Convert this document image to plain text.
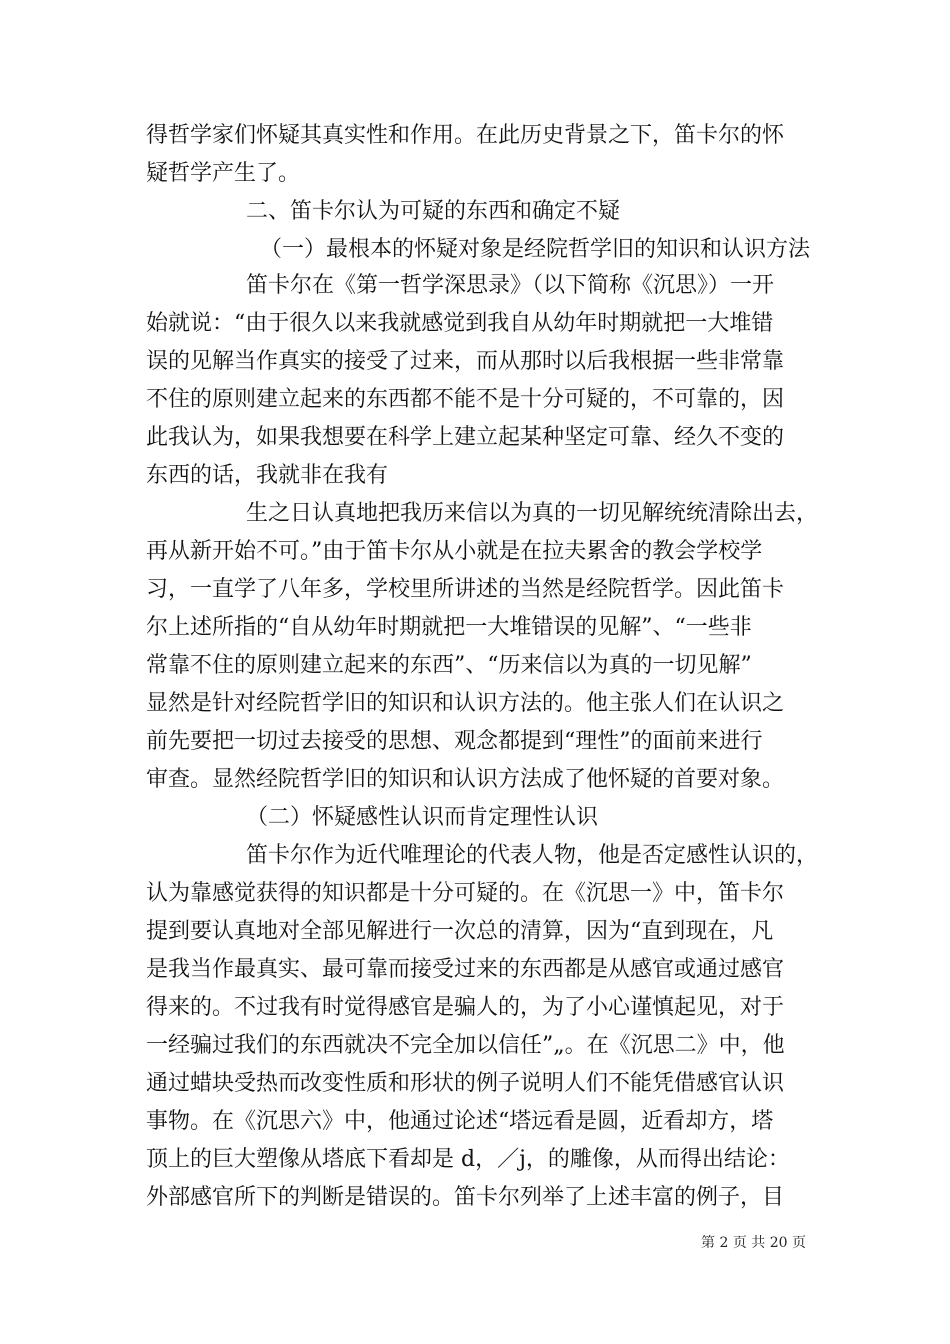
得哲学家们怀疑其真实性和作用。在此历史背景之下，笛卡尔的怀
疑哲学产生了。
二、笛卡尔认为可疑的东西和确定不疑
（一）最根本的怀疑对象是经院哲学旧的知识和认识方法
笛卡尔在《第一哲学深思录》（以下简称《沉思》）一开
始就说：“由于很久以来我就感觉到我自从幼年时期就把一大堆错
误的见解当作真实的接受了过来，而从那时以后我根据一些非常靠
不住的原则建立起来的东西都不能不是十分可疑的，不可靠的，因
此我认为，如果我想要在科学上建立起某种坚定可靠、经久不变的
东西的话，我就非在我有
生之日认真地把我历来信以为真的一切见解统统清除出去，
再从新开始不可。”由于笛卡尔从小就是在拉夫累舍的教会学校学
习，一直学了八年多，学校里所讲述的当然是经院哲学。因此笛卡
尔上述所指的“自从幼年时期就把一大堆错误的见解”、“一些非
常靠不住的原则建立起来的东西”、“历来信以为真的一切见解”
显然是针对经院哲学旧的知识和认识方法的。他主张人们在认识之
前先要把一切过去接受的思想、观念都提到“理性”的面前来进行
审查。显然经院哲学旧的知识和认识方法成了他怀疑的首要对象。
（二）怀疑感性认识而肯定理性认识
笛卡尔作为近代唯理论的代表人物，他是否定感性认识的，
认为靠感觉获得的知识都是十分可疑的。在《沉思一》中，笛卡尔
提到要认真地对全部见解进行一次总的清算，因为“直到现在，凡
是我当作最真实、最可靠而接受过来的东西都是从感官或通过感官
得来的。不过我有时觉得感官是骗人的，为了小心谨慎起见，对于
一经骗过我们的东西就决不完全加以信任”„。在《沉思二》中，他
通过蜡块受热而改变性质和形状的例子说明人们不能凭借感官认识
事物。在《沉思六》中，他通过论述“塔远看是圆，近看却方，塔
顶上的巨大塑像从塔底下看却是 d，／j，的雕像，从而得出结论：
外部感官所下的判断是错误的。笛卡尔列举了上述丰富的例子，目
第 2 页 共 20 页
